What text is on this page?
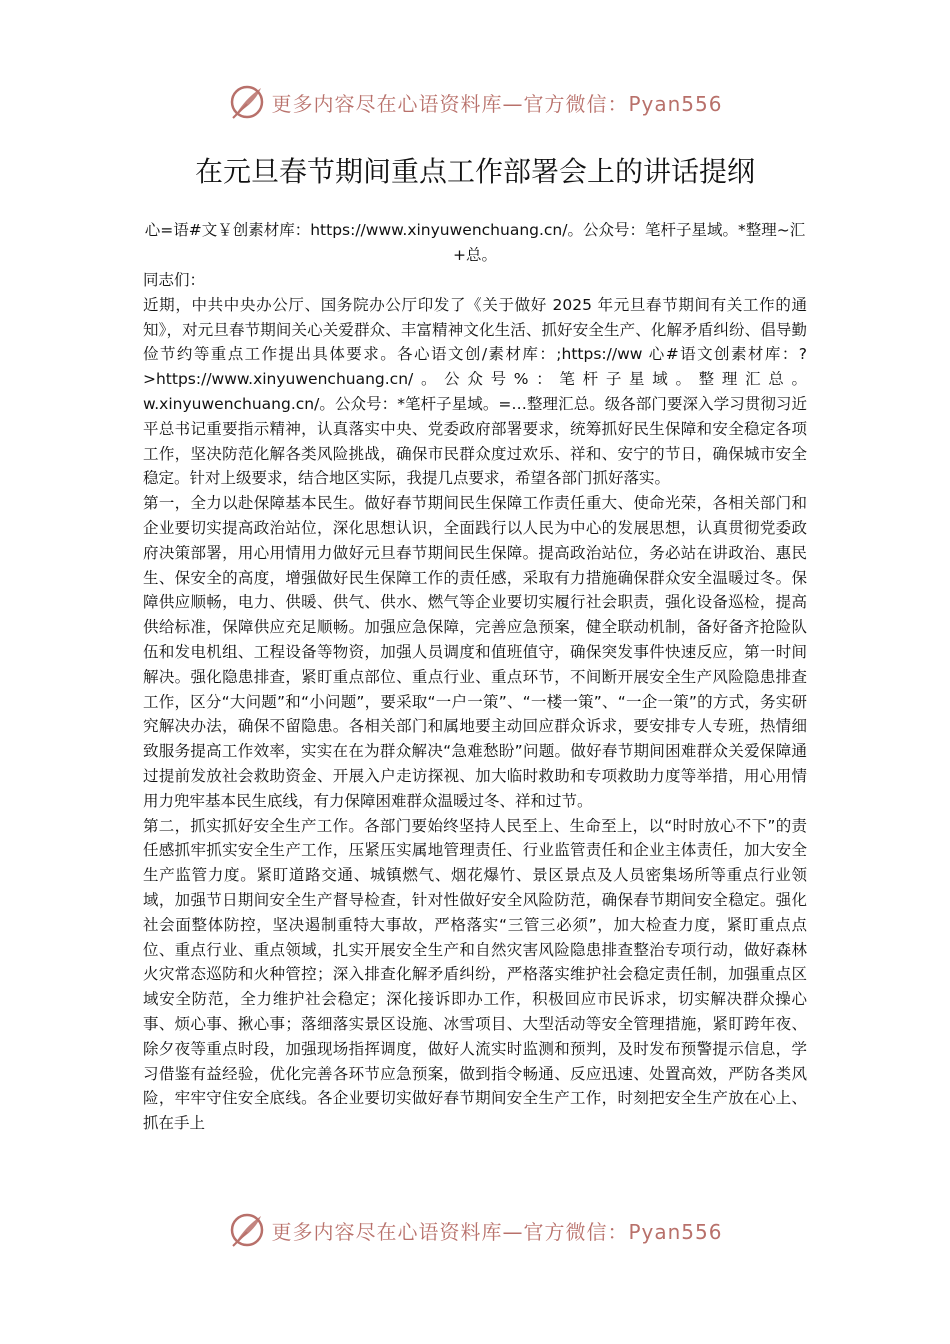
更多内容尽在心语资料库—官方微信：Pyan556
在元旦春节期间重点工作部署会上的讲话提纲
心=语#文￥创素材库：https://www.xinyuwenchuang.cn/。公众号：笔杆子星域。*整理~汇+总。

同志们：

近期，中共中央办公厅、国务院办公厅印发了《关于做好 2025 年元旦春节期间有关工作的通知》，对元旦春节期间关心关爱群众、丰富精神文化生活、抓好安全生产、化解矛盾纠纷、倡导勤俭节约等重点工作提出具体要求。各心语文创/素材库：;https://ww 心#语文创素材库：?>https://www.xinyuwenchuang.cn/。公众号%：笔杆子星域。整理汇总。w.xinyuwenchuang.cn/。公众号：*笔杆子星域。=…整理汇总。级各部门要深入学习贯彻习近平总书记重要指示精神，认真落实中央、党委政府部署要求，统筹抓好民生保障和安全稳定各项工作，坚决防范化解各类风险挑战，确保市民群众度过欢乐、祥和、安宁的节日，确保城市安全稳定。针对上级要求，结合地区实际，我提几点要求，希望各部门抓好落实。

第一，全力以赴保障基本民生。做好春节期间民生保障工作责任重大、使命光荣，各相关部门和企业要切实提高政治站位，深化思想认识，全面践行以人民为中心的发展思想，认真贯彻党委政府决策部署，用心用情用力做好元旦春节期间民生保障。提高政治站位，务必站在讲政治、惠民生、保安全的高度，增强做好民生保障工作的责任感，采取有力措施确保群众安全温暖过冬。保障供应顺畅，电力、供暖、供气、供水、燃气等企业要切实履行社会职责，强化设备巡检，提高供给标准，保障供应充足顺畅。加强应急保障，完善应急预案，健全联动机制，备好备齐抢险队伍和发电机组、工程设备等物资，加强人员调度和值班值守，确保突发事件快速反应，第一时间解决。强化隐患排查，紧盯重点部位、重点行业、重点环节，不间断开展安全生产风险隐患排查工作，区分“大问题”和“小问题”，要采取“一户一策”、“一楼一策”、“一企一策”的方式，务实研究解决办法，确保不留隐患。各相关部门和属地要主动回应群众诉求，要安排专人专班，热情细致服务提高工作效率，实实在在为群众解决“急难愁盼”问题。做好春节期间困难群众关爱保障通过提前发放社会救助资金、开展入户走访探视、加大临时救助和专项救助力度等举措，用心用情用力兜牢基本民生底线，有力保障困难群众温暖过冬、祥和过节。

第二，抓实抓好安全生产工作。各部门要始终坚持人民至上、生命至上，以“时时放心不下”的责任感抓牢抓实安全生产工作，压紧压实属地管理责任、行业监管责任和企业主体责任，加大安全生产监管力度。紧盯道路交通、城镇燃气、烟花爆竹、景区景点及人员密集场所等重点行业领域，加强节日期间安全生产督导检查，针对性做好安全风险防范，确保春节期间安全稳定。强化社会面整体防控，坚决遏制重特大事故，严格落实“三管三必须”，加大检查力度，紧盯重点点位、重点行业、重点领域，扎实开展安全生产和自然灾害风险隐患排查整治专项行动，做好森林火灾常态巡防和火种管控；深入排查化解矛盾纠纷，严格落实维护社会稳定责任制，加强重点区域安全防范，全力维护社会稳定；深化接诉即办工作，积极回应市民诉求，切实解决群众操心事、烦心事、揪心事；落细落实景区设施、冰雪项目、大型活动等安全管理措施，紧盯跨年夜、除夕夜等重点时段，加强现场指挥调度，做好人流实时监测和预判，及时发布预警提示信息，学习借鉴有益经验，优化完善各环节应急预案，做到指令畅通、反应迅速、处置高效，严防各类风险，牢牢守住安全底线。各企业要切实做好春节期间安全生产工作，时刻把安全生产放在心上、抓在手上

更多内容尽在心语资料库—官方微信：Pyan556
